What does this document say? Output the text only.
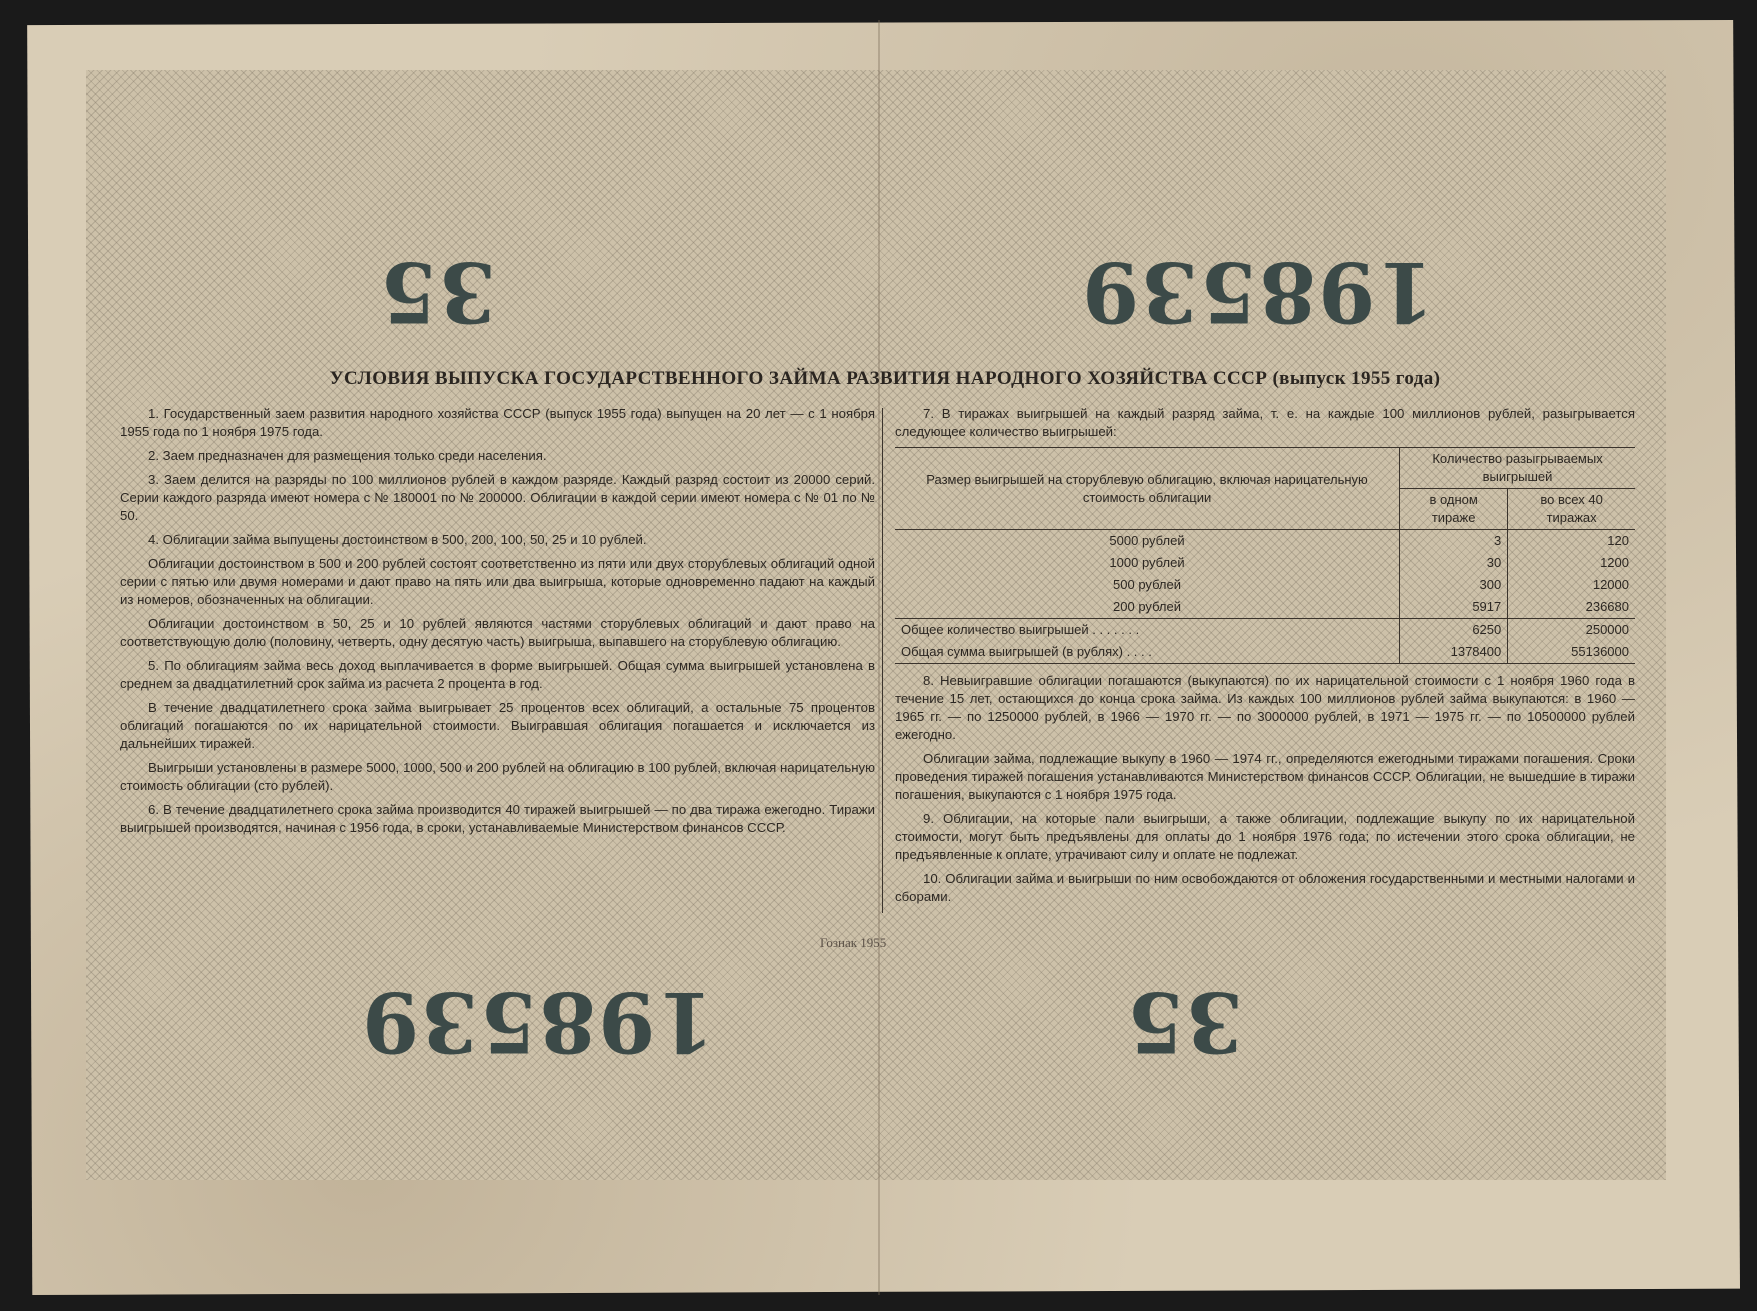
35	198539
198539	35
УСЛОВИЯ ВЫПУСКА ГОСУДАРСТВЕННОГО ЗАЙМА РАЗВИТИЯ НАРОДНОГО ХОЗЯЙСТВА СССР (выпуск 1955 года)

1. Государственный заем развития народного хозяйства СССР (выпуск 1955 года) выпущен на 20 лет — с 1 ноября 1955 года по 1 ноября 1975 года.

2. Заем предназначен для размещения только среди населения.

3. Заем делится на разряды по 100 миллионов рублей в каждом разряде. Каждый разряд состоит из 20000 серий. Серии каждого разряда имеют номера с № 180001 по № 200000. Облигации в каждой серии имеют номера с № 01 по № 50.

4. Облигации займа выпущены достоинством в 500, 200, 100, 50, 25 и 10 рублей.

Облигации достоинством в 500 и 200 рублей состоят соответственно из пяти или двух сторублевых облигаций одной серии с пятью или двумя номерами и дают право на пять или два выигрыша, которые одновременно падают на каждый из номеров, обозначенных на облигации.

Облигации достоинством в 50, 25 и 10 рублей являются частями сторублевых облигаций и дают право на соответствующую долю (половину, четверть, одну десятую часть) выигрыша, выпавшего на сторублевую облигацию.

5. По облигациям займа весь доход выплачивается в форме выигрышей. Общая сумма выигрышей установлена в среднем за двадцатилетний срок займа из расчета 2 процента в год.

В течение двадцатилетнего срока займа выигрывает 25 процентов всех облигаций, а остальные 75 процентов облигаций погашаются по их нарицательной стоимости. Выигравшая облигация погашается и исключается из дальнейших тиражей.

Выигрыши установлены в размере 5000, 1000, 500 и 200 рублей на облигацию в 100 рублей, включая нарицательную стоимость облигации (сто рублей).

6. В течение двадцатилетнего срока займа производится 40 тиражей выигрышей — по два тиража ежегодно. Тиражи выигрышей производятся, начиная с 1956 года, в сроки, устанавливаемые Министерством финансов СССР.

7. В тиражах выигрышей на каждый разряд займа, т. е. на каждые 100 миллионов рублей, разыгрывается следующее количество выигрышей:

Размер выигрышей на сторублевую облигацию, включая нарицательную стоимость облигации	Количество разыгрываемых выигрышей	
	в одном тираже	во всех 40 тиражах
5000 рублей	3	120
1000 рублей	30	1200
500 рублей	300	12000
200 рублей	5917	236680
Общее количество выигрышей . . . . . . .	6250	250000
Общая сумма выигрышей (в рублях) . . . .	1378400	55136000

8. Невыигравшие облигации погашаются (выкупаются) по их нарицательной стоимости с 1 ноября 1960 года в течение 15 лет, остающихся до конца срока займа. Из каждых 100 миллионов рублей займа выкупаются: в 1960 — 1965 гг. — по 1250000 рублей, в 1966 — 1970 гг. — по 3000000 рублей, в 1971 — 1975 гг. — по 10500000 рублей ежегодно.

Облигации займа, подлежащие выкупу в 1960 — 1974 гг., определяются ежегодными тиражами погашения. Сроки проведения тиражей погашения устанавливаются Министерством финансов СССР. Облигации, не вышедшие в тиражи погашения, выкупаются с 1 ноября 1975 года.

9. Облигации, на которые пали выигрыши, а также облигации, подлежащие выкупу по их нарицательной стоимости, могут быть предъявлены для оплаты до 1 ноября 1976 года; по истечении этого срока облигации, не предъявленные к оплате, утрачивают силу и оплате не подлежат.

10. Облигации займа и выигрыши по ним освобождаются от обложения государственными и местными налогами и сборами.

Гознак 1955
